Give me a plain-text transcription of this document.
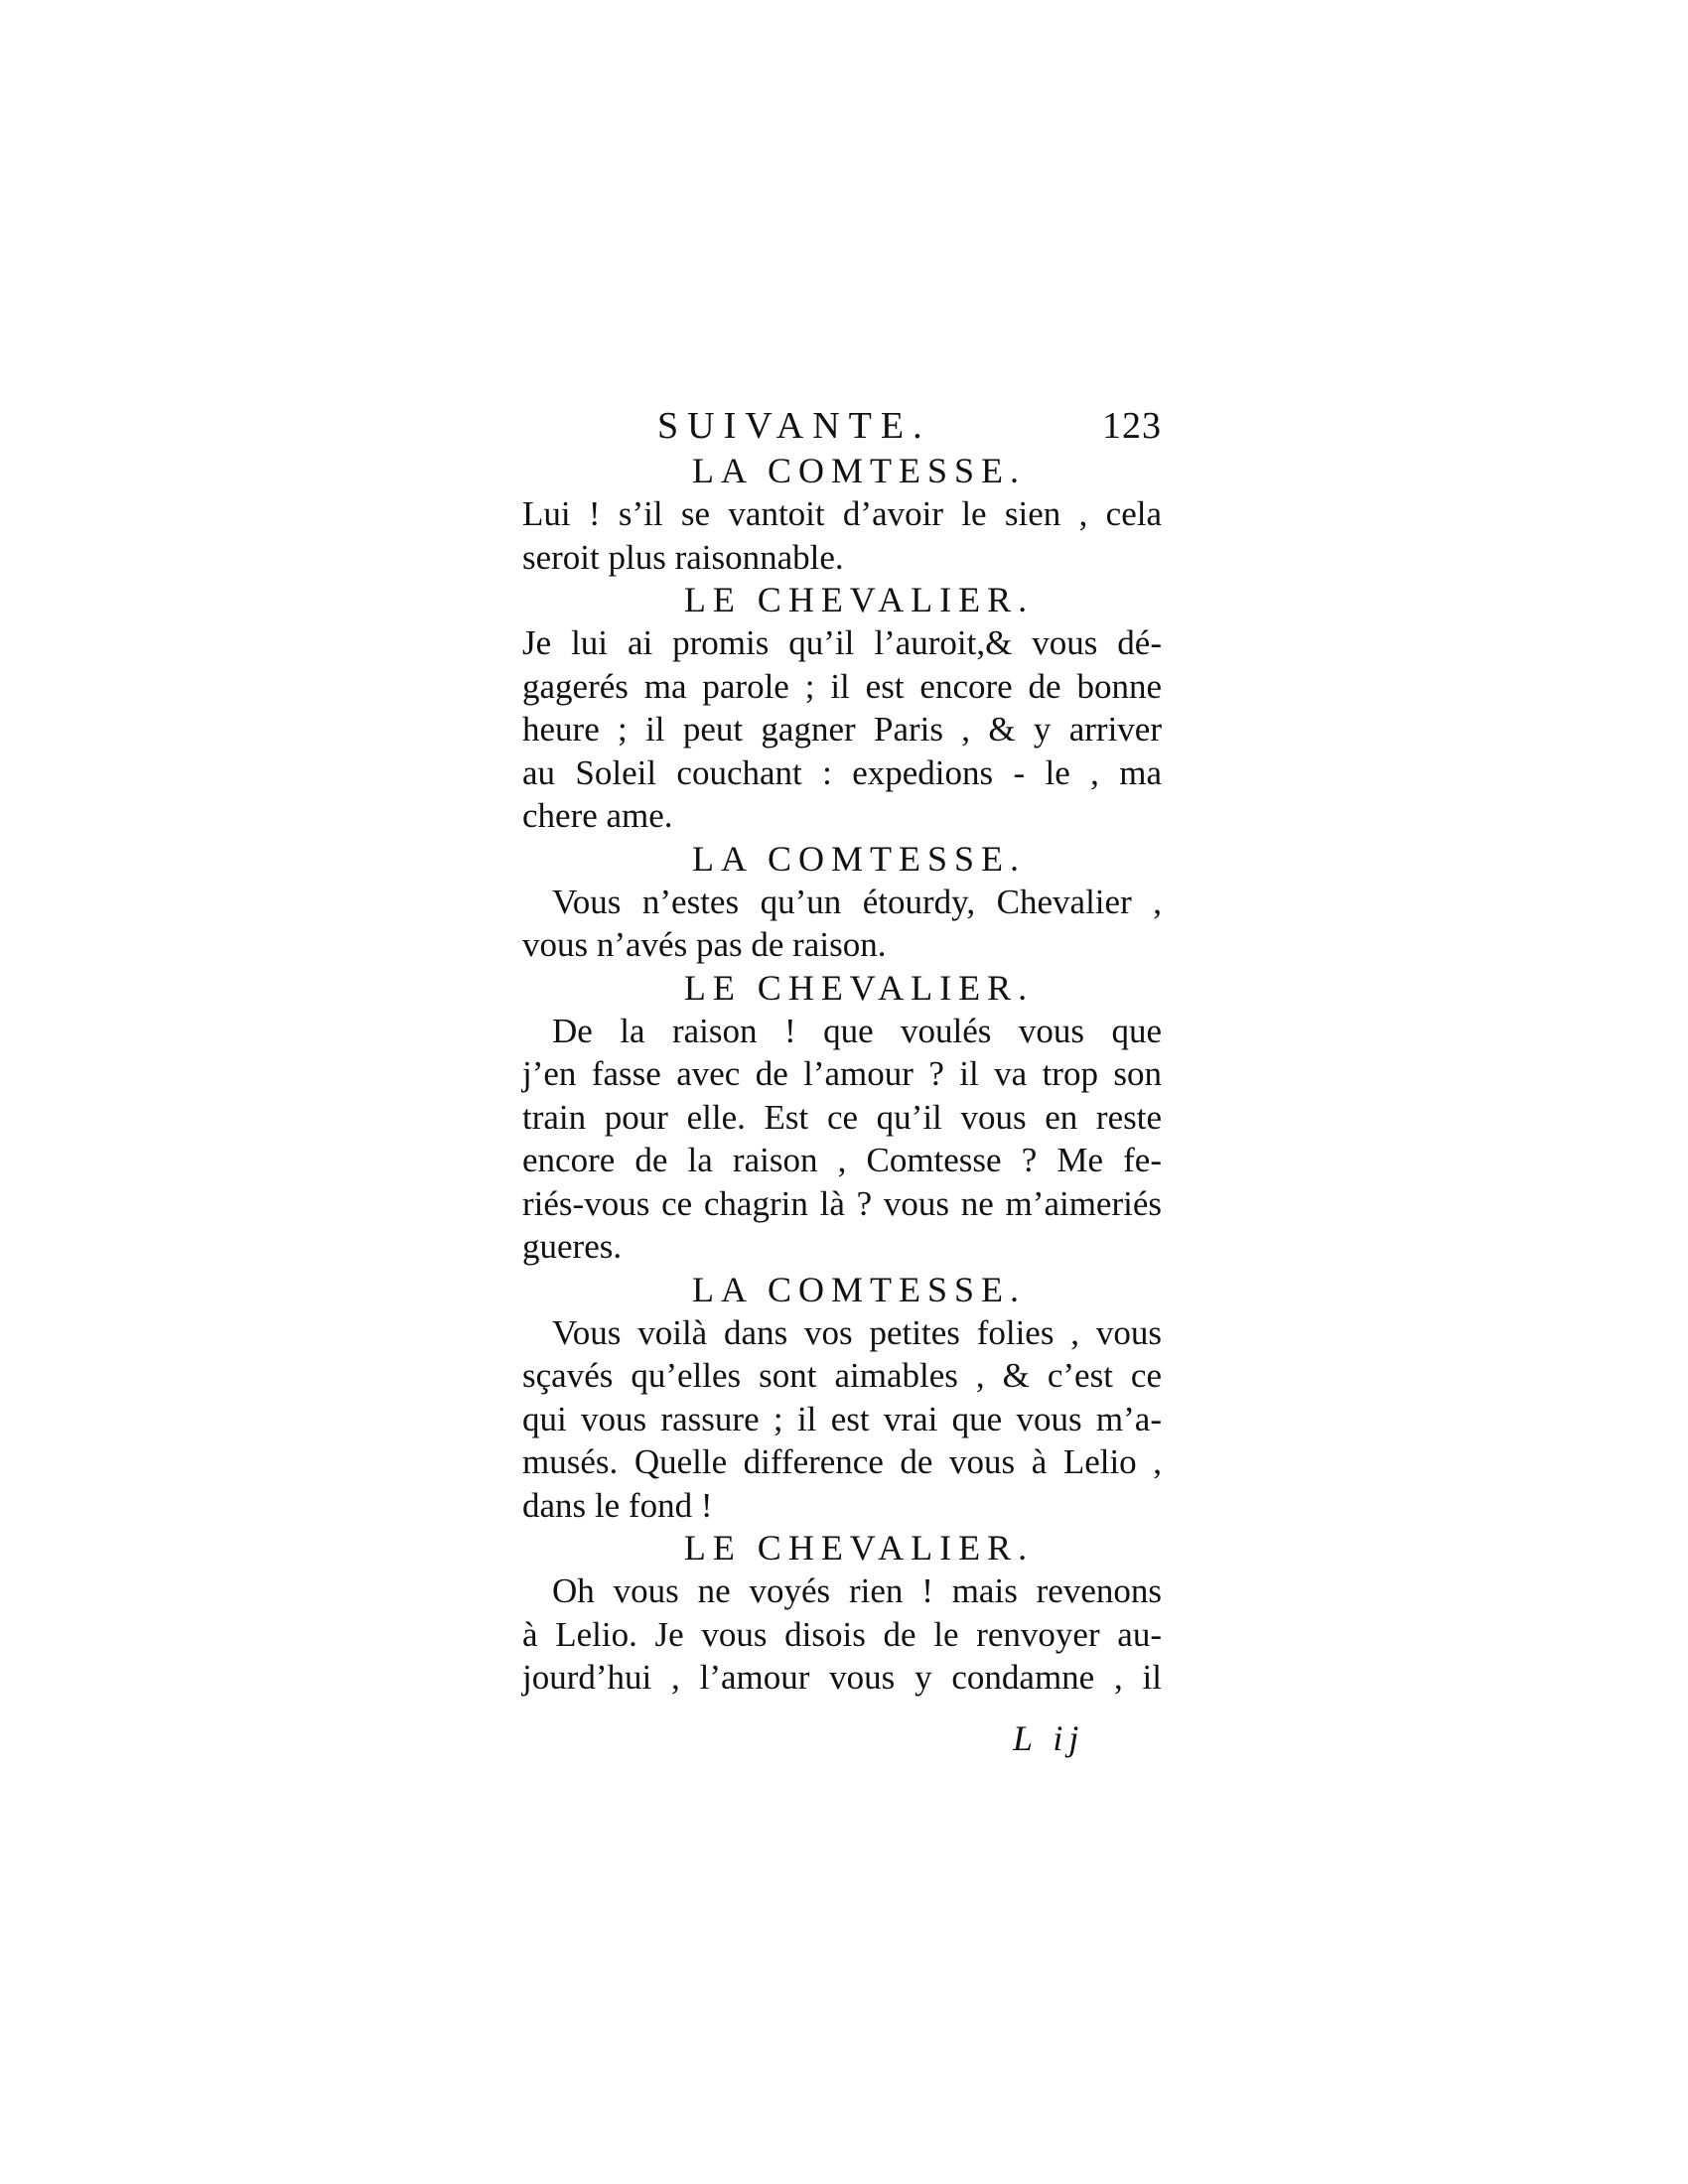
SUIVANTE.	123
LA COMTESSE.
Lui ! s’il se vantoit d’avoir le sien , cela
seroit plus raisonnable.
LE CHEVALIER.
Je lui ai promis qu’il l’auroit,& vous dé-
gagerés ma parole ; il est encore de bonne
heure ; il peut gagner Paris , & y arriver
au Soleil couchant : expedions - le , ma
chere ame.
LA COMTESSE.
Vous n’estes qu’un étourdy, Chevalier ,
vous n’avés pas de raison.
LE CHEVALIER.
De la raison ! que voulés vous que
j’en fasse avec de l’amour ? il va trop son
train pour elle. Est ce qu’il vous en reste
encore de la raison , Comtesse ? Me fe-
riés-vous ce chagrin là ? vous ne m’aimeriés
gueres.
LA COMTESSE.
Vous voilà dans vos petites folies , vous
sçavés qu’elles sont aimables , & c’est ce
qui vous rassure ; il est vrai que vous m’a-
musés. Quelle difference de vous à Lelio ,
dans le fond !
LE CHEVALIER.
Oh vous ne voyés rien ! mais revenons
à Lelio. Je vous disois de le renvoyer au-
jourd’hui , l’amour vous y condamne , il
L ij
